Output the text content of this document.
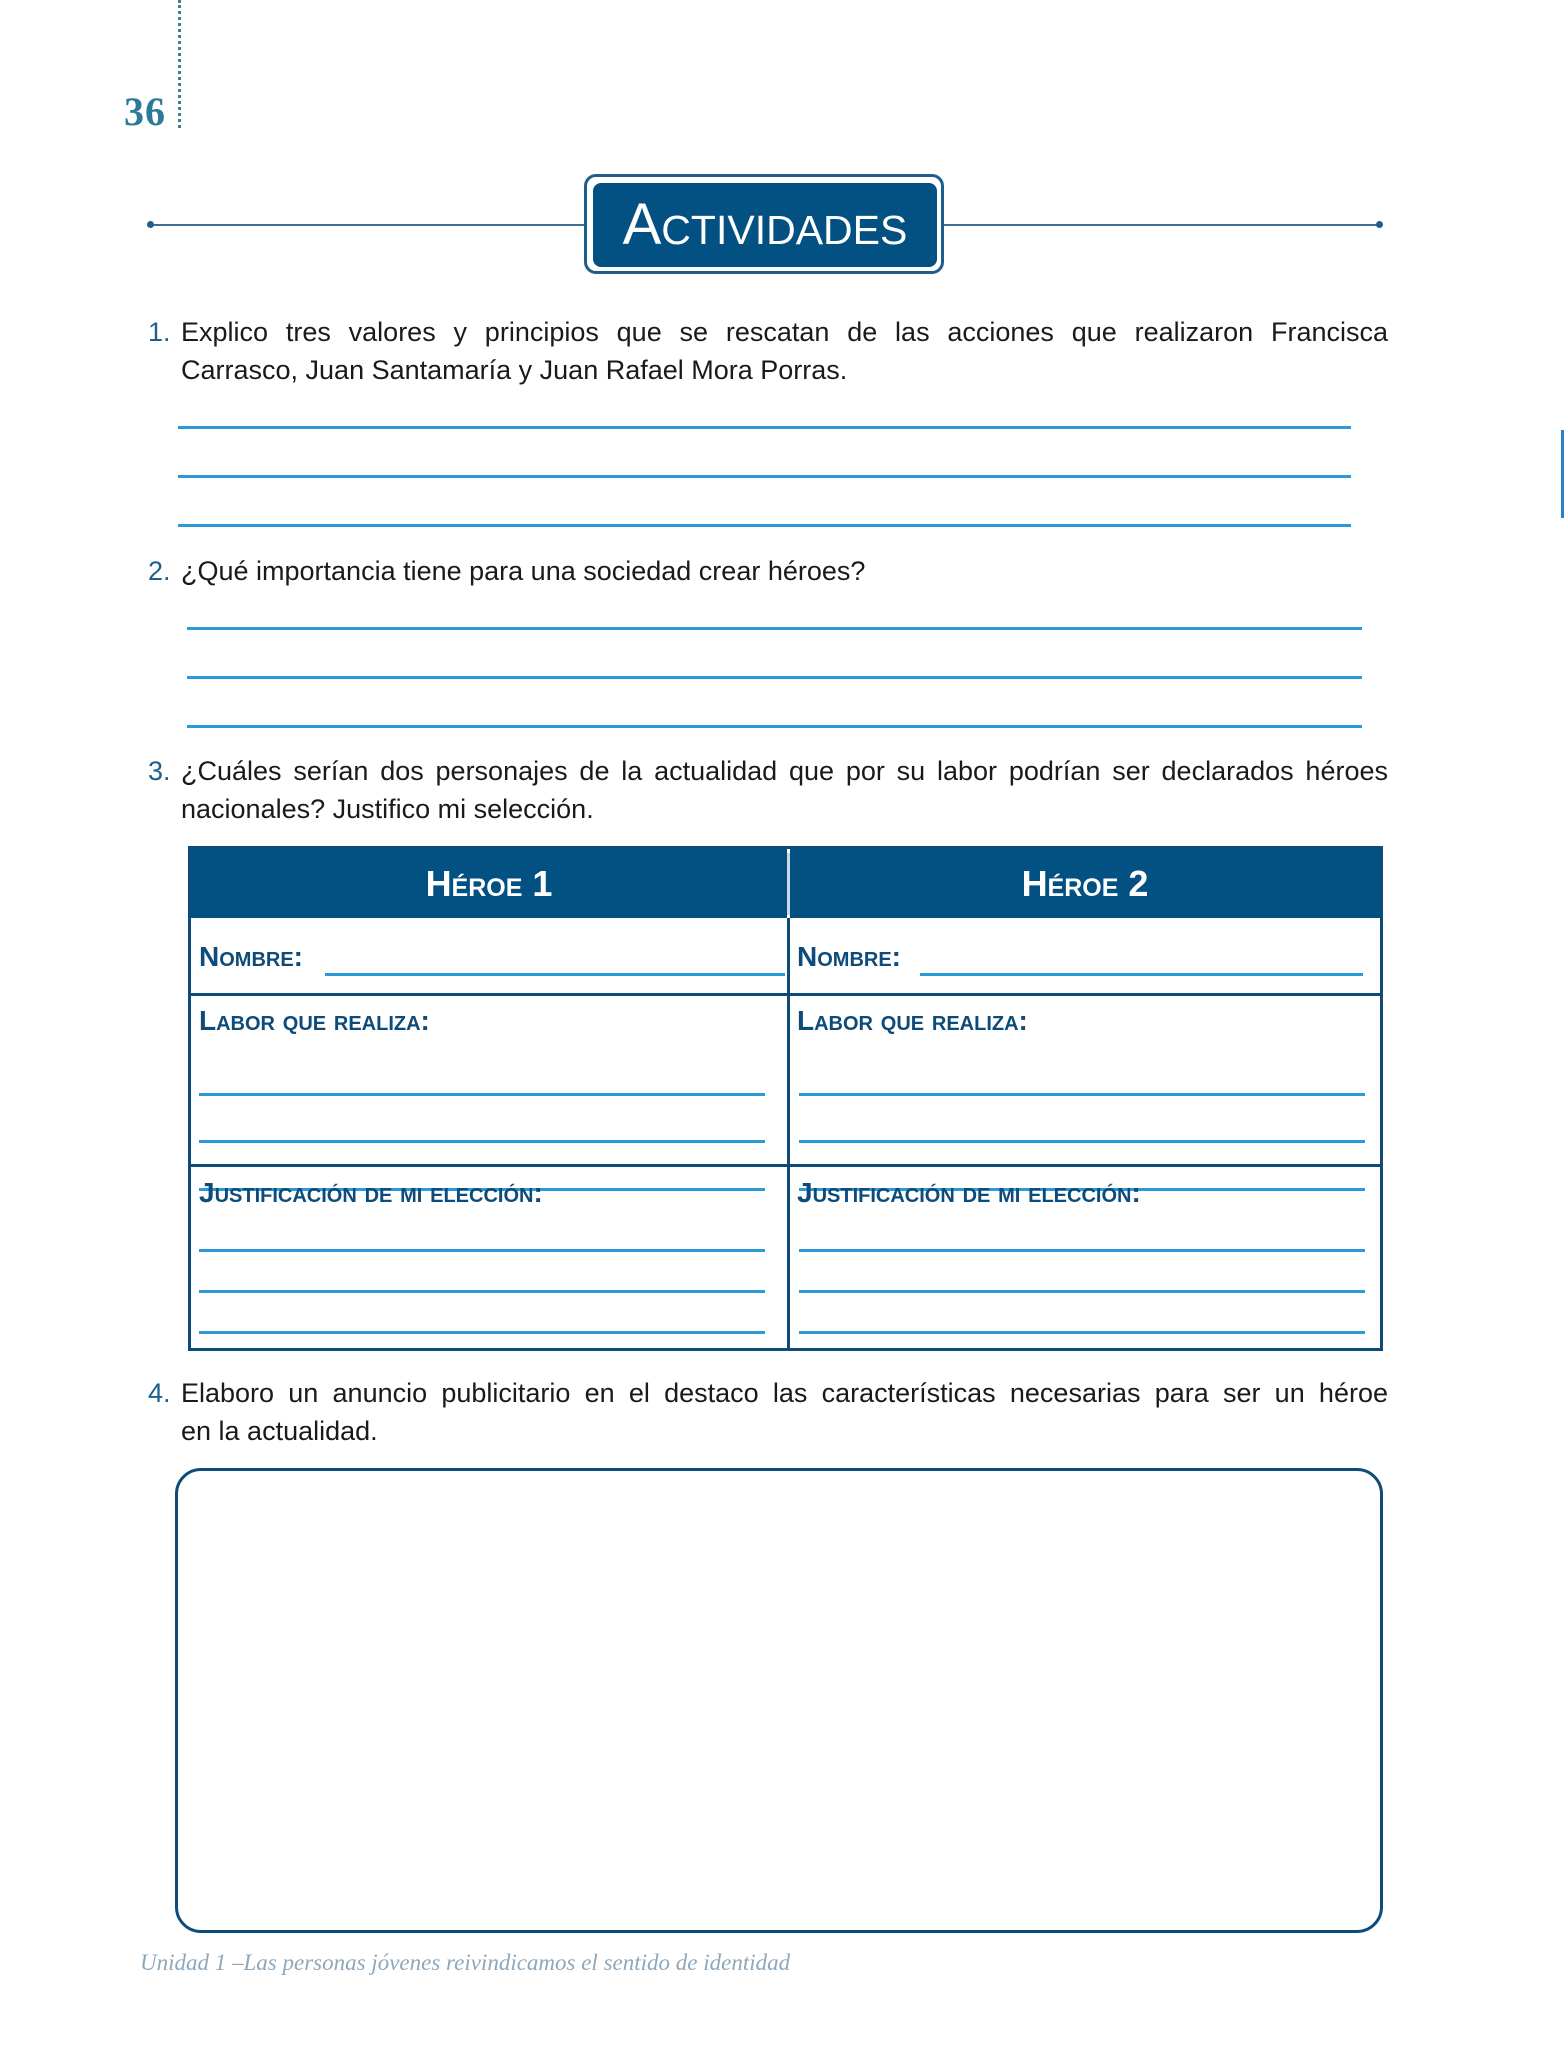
36
Actividades
1. Explico tres valores y principios que se rescatan de las acciones que realizaron Francisca
Carrasco, Juan Santamaría y Juan Rafael Mora Porras.
2. ¿Qué importancia tiene para una sociedad crear héroes?
3. ¿Cuáles serían dos personajes de la actualidad que por su labor podrían ser declarados héroes
nacionales? Justifico mi selección.
Héroe 1	Héroe 2
Nombre:
Labor que realiza:
Justificación de mi elección:
Nombre:
Labor que realiza:
Justificación de mi elección:
4. Elaboro un anuncio publicitario en el destaco las características necesarias para ser un héroe
en la actualidad.
Unidad 1 –Las personas jóvenes reivindicamos el sentido de identidad
